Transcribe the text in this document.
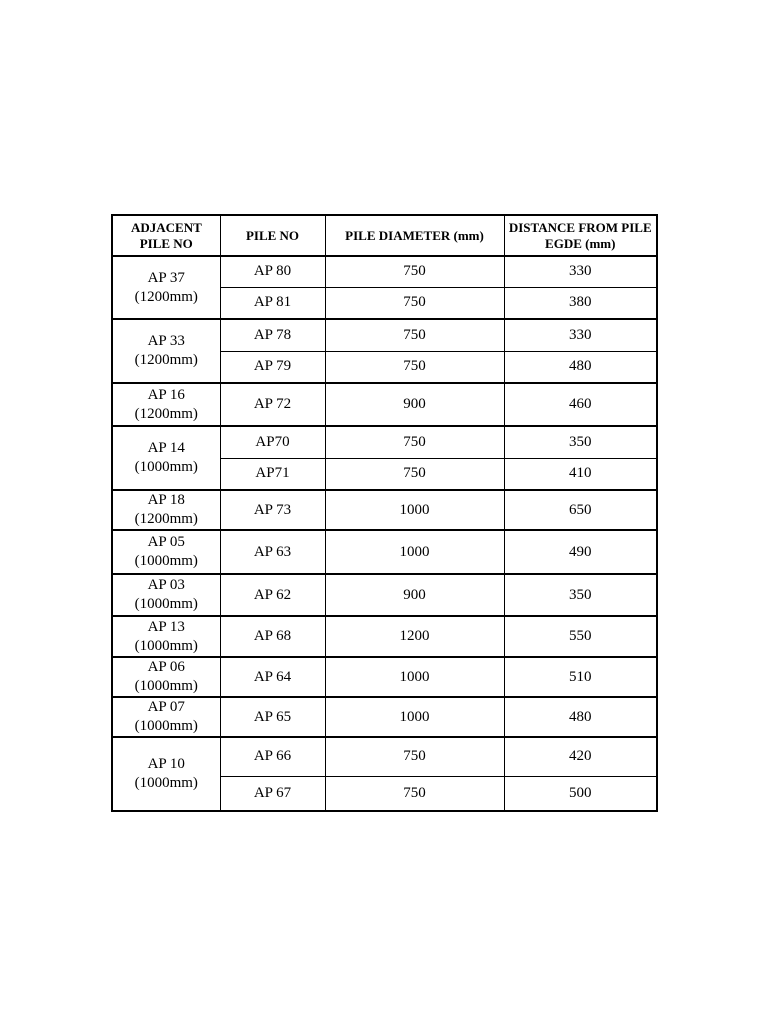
ADJACENT PILE NO	PILE NO	PILE DIAMETER (mm)	DISTANCE FROM PILE EGDE (mm)

AP 37
(1200mm)	AP 80	750	330
	AP 81	750	380

AP 33
(1200mm)	AP 78	750	330
	AP 79	750	480

AP 16
(1200mm)	AP 72	900	460

AP 14
(1000mm)	AP70	750	350
	AP71	750	410

AP 18
(1200mm)	AP 73	1000	650

AP 05
(1000mm)	AP 63	1000	490

AP 03
(1000mm)	AP 62	900	350

AP 13
(1000mm)	AP 68	1200	550

AP 06
(1000mm)	AP 64	1000	510

AP 07
(1000mm)	AP 65	1000	480

AP 10
(1000mm)	AP 66	750	420
	AP 67	750	500
